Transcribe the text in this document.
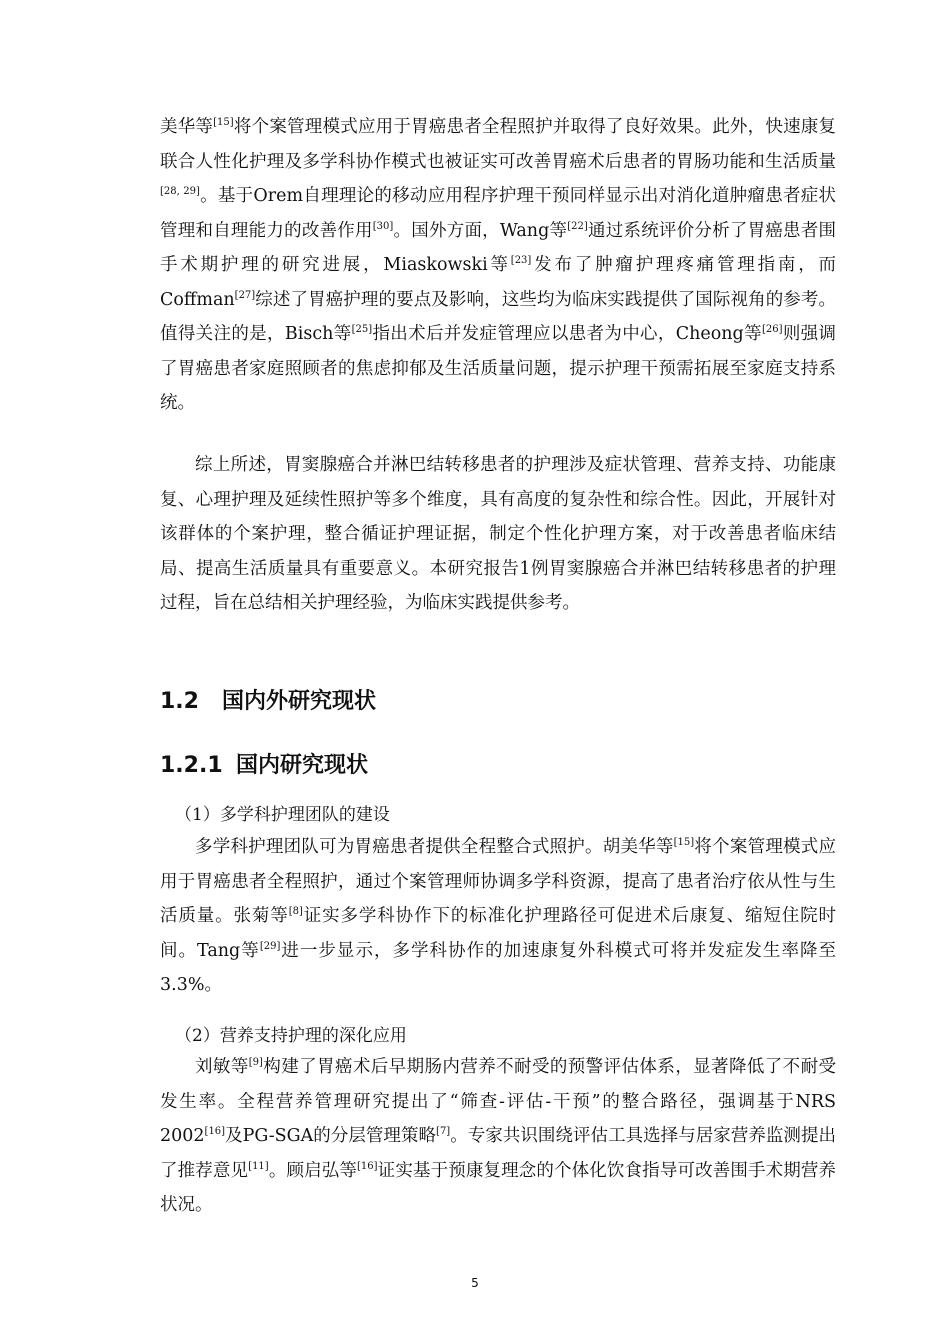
美华等[15]将个案管理模式应用于胃癌患者全程照护并取得了良好效果。此外，快速康复联合人性化护理及多学科协作模式也被证实可改善胃癌术后患者的胃肠功能和生活质量[28, 29]。基于Orem自理理论的移动应用程序护理干预同样显示出对消化道肿瘤患者症状管理和自理能力的改善作用[30]。国外方面，Wang等[22]通过系统评价分析了胃癌患者围手术期护理的研究进展，Miaskowski等[23]发布了肿瘤护理疼痛管理指南，而Coffman[27]综述了胃癌护理的要点及影响，这些均为临床实践提供了国际视角的参考。值得关注的是，Bisch等[25]指出术后并发症管理应以患者为中心，Cheong等[26]则强调了胃癌患者家庭照顾者的焦虑抑郁及生活质量问题，提示护理干预需拓展至家庭支持系统。
综上所述，胃窦腺癌合并淋巴结转移患者的护理涉及症状管理、营养支持、功能康复、心理护理及延续性照护等多个维度，具有高度的复杂性和综合性。因此，开展针对该群体的个案护理，整合循证护理证据，制定个性化护理方案，对于改善患者临床结局、提高生活质量具有重要意义。本研究报告1例胃窦腺癌合并淋巴结转移患者的护理过程，旨在总结相关护理经验，为临床实践提供参考。
1.2 国内外研究现状
1.2.1 国内研究现状
（1）多学科护理团队的建设
多学科护理团队可为胃癌患者提供全程整合式照护。胡美华等[15]将个案管理模式应用于胃癌患者全程照护，通过个案管理师协调多学科资源，提高了患者治疗依从性与生活质量。张菊等[8]证实多学科协作下的标准化护理路径可促进术后康复、缩短住院时间。Tang等[29]进一步显示，多学科协作的加速康复外科模式可将并发症发生率降至3.3%。
（2）营养支持护理的深化应用
刘敏等[9]构建了胃癌术后早期肠内营养不耐受的预警评估体系，显著降低了不耐受发生率。全程营养管理研究提出了“筛查-评估-干预”的整合路径，强调基于NRS 2002[16]及PG-SGA的分层管理策略[7]。专家共识围绕评估工具选择与居家营养监测提出了推荐意见[11]。顾启弘等[16]证实基于预康复理念的个体化饮食指导可改善围手术期营养状况。
5
